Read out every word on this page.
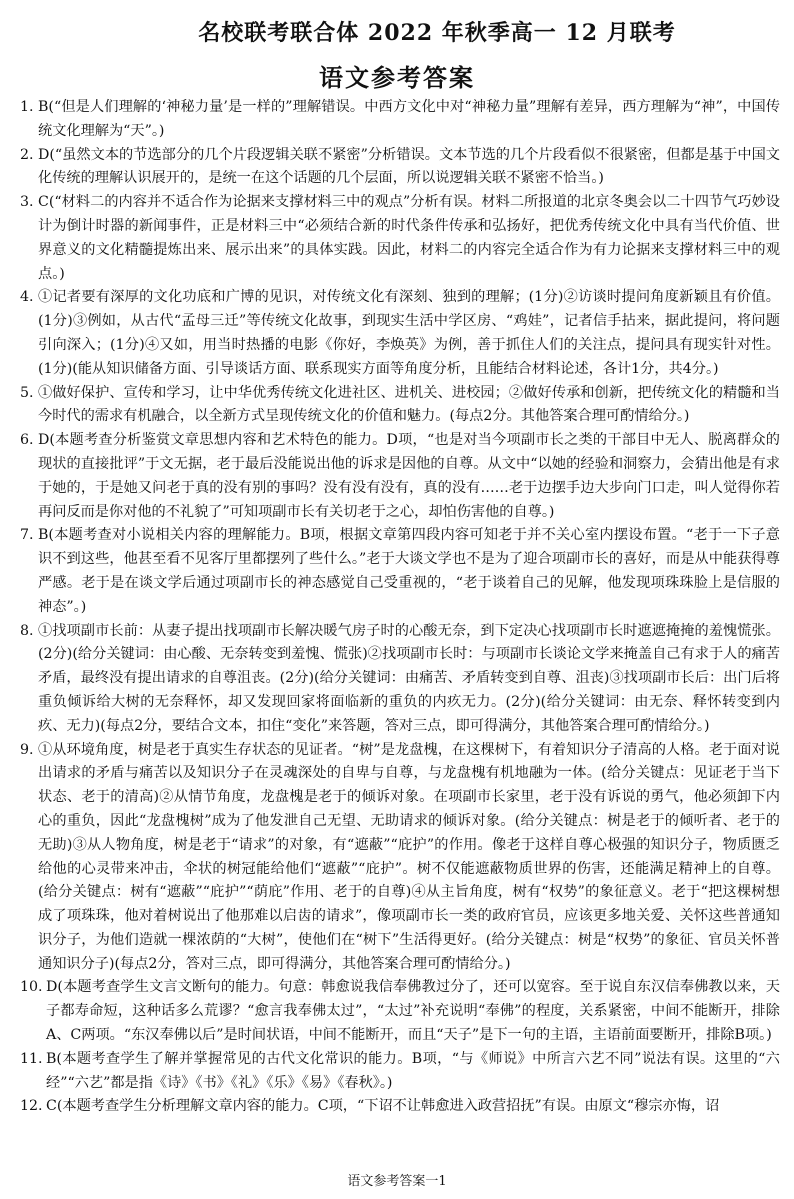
名校联考联合体 2022 年秋季高一 12 月联考
语文参考答案
1. B(“但是人们理解的‘神秘力量’是一样的”理解错误。中西方文化中对“神秘力量”理解有差异，西方理解为“神”，中国传统文化理解为“天”。)
2. D(“虽然文本的节选部分的几个片段逻辑关联不紧密”分析错误。文本节选的几个片段看似不很紧密，但都是基于中国文化传统的理解认识展开的，是统一在这个话题的几个层面，所以说逻辑关联不紧密不恰当。)
3. C(“材料二的内容并不适合作为论据来支撑材料三中的观点”分析有误。材料二所报道的北京冬奥会以二十四节气巧妙设计为倒计时器的新闻事件，正是材料三中“必须结合新的时代条件传承和弘扬好，把优秀传统文化中具有当代价值、世界意义的文化精髓提炼出来、展示出来”的具体实践。因此，材料二的内容完全适合作为有力论据来支撑材料三中的观点。)
4. ①记者要有深厚的文化功底和广博的见识，对传统文化有深刻、独到的理解；(1分)②访谈时提问角度新颖且有价值。(1分)③例如，从古代“孟母三迁”等传统文化故事，到现实生活中学区房、“鸡娃”，记者信手拈来，据此提问，将问题引向深入；(1分)④又如，用当时热播的电影《你好，李焕英》为例，善于抓住人们的关注点，提问具有现实针对性。(1分)(能从知识储备方面、引导谈话方面、联系现实方面等角度分析，且能结合材料论述，各计1分，共4分。)
5. ①做好保护、宣传和学习，让中华优秀传统文化进社区、进机关、进校园；②做好传承和创新，把传统文化的精髓和当今时代的需求有机融合，以全新方式呈现传统文化的价值和魅力。(每点2分。其他答案合理可酌情给分。)
6. D(本题考查分析鉴赏文章思想内容和艺术特色的能力。D项，“也是对当今项副市长之类的干部目中无人、脱离群众的现状的直接批评”于文无据，老于最后没能说出他的诉求是因他的自尊。从文中“以她的经验和洞察力，会猜出他是有求于她的，于是她又问老于真的没有别的事吗？没有没有没有，真的没有……老于边摆手边大步向门口走，叫人觉得你若再问反而是你对他的不礼貌了”可知项副市长有关切老于之心，却怕伤害他的自尊。)
7. B(本题考查对小说相关内容的理解能力。B项，根据文章第四段内容可知老于并不关心室内摆设布置。“老于一下子意识不到这些，他甚至看不见客厅里都摆列了些什么。”老于大谈文学也不是为了迎合项副市长的喜好，而是从中能获得尊严感。老于是在谈文学后通过项副市长的神态感觉自己受重视的，“老于谈着自己的见解，他发现项珠珠脸上是信服的神态”。)
8. ①找项副市长前：从妻子提出找项副市长解决暖气房子时的心酸无奈，到下定决心找项副市长时遮遮掩掩的羞愧慌张。(2分)(给分关键词：由心酸、无奈转变到羞愧、慌张)②找项副市长时：与项副市长谈论文学来掩盖自己有求于人的痛苦矛盾，最终没有提出请求的自尊沮丧。(2分)(给分关键词：由痛苦、矛盾转变到自尊、沮丧)③找项副市长后：出门后将重负倾诉给大树的无奈释怀，却又发现回家将面临新的重负的内疚无力。(2分)(给分关键词：由无奈、释怀转变到内疚、无力)(每点2分，要结合文本，扣住“变化”来答题，答对三点，即可得满分，其他答案合理可酌情给分。)
9. ①从环境角度，树是老于真实生存状态的见证者。“树”是龙盘槐，在这棵树下，有着知识分子清高的人格。老于面对说出请求的矛盾与痛苦以及知识分子在灵魂深处的自卑与自尊，与龙盘槐有机地融为一体。(给分关键点：见证老于当下状态、老于的清高)②从情节角度，龙盘槐是老于的倾诉对象。在项副市长家里，老于没有诉说的勇气，他必须卸下内心的重负，因此“龙盘槐树”成为了他发泄自己无望、无助请求的倾诉对象。(给分关键点：树是老于的倾听者、老于的无助)③从人物角度，树是老于“请求”的对象，有“遮蔽”“庇护”的作用。像老于这样自尊心极强的知识分子，物质匮乏给他的心灵带来冲击，伞状的树冠能给他们“遮蔽”“庇护”。树不仅能遮蔽物质世界的伤害，还能满足精神上的自尊。(给分关键点：树有“遮蔽”“庇护”“荫庇”作用、老于的自尊)④从主旨角度，树有“权势”的象征意义。老于“把这棵树想成了项珠珠，他对着树说出了他那难以启齿的请求”，像项副市长一类的政府官员，应该更多地关爱、关怀这些普通知识分子，为他们造就一棵浓荫的“大树”，使他们在“树下”生活得更好。(给分关键点：树是“权势”的象征、官员关怀普通知识分子)(每点2分，答对三点，即可得满分，其他答案合理可酌情给分。)
10. D(本题考查学生文言文断句的能力。句意：韩愈说我信奉佛教过分了，还可以宽容。至于说自东汉信奉佛教以来，天子都寿命短，这种话多么荒谬？“愈言我奉佛太过”，“太过”补充说明“奉佛”的程度，关系紧密，中间不能断开，排除A、C两项。“东汉奉佛以后”是时间状语，中间不能断开，而且“天子”是下一句的主语，主语前面要断开，排除B项。)
11. B(本题考查学生了解并掌握常见的古代文化常识的能力。B项，“与《师说》中所言六艺不同”说法有误。这里的“六经”“六艺”都是指《诗》《书》《礼》《乐》《易》《春秋》。)
12. C(本题考查学生分析理解文章内容的能力。C项，“下诏不让韩愈进入政营招抚”有误。由原文“穆宗亦悔，诏
语文参考答案一1
